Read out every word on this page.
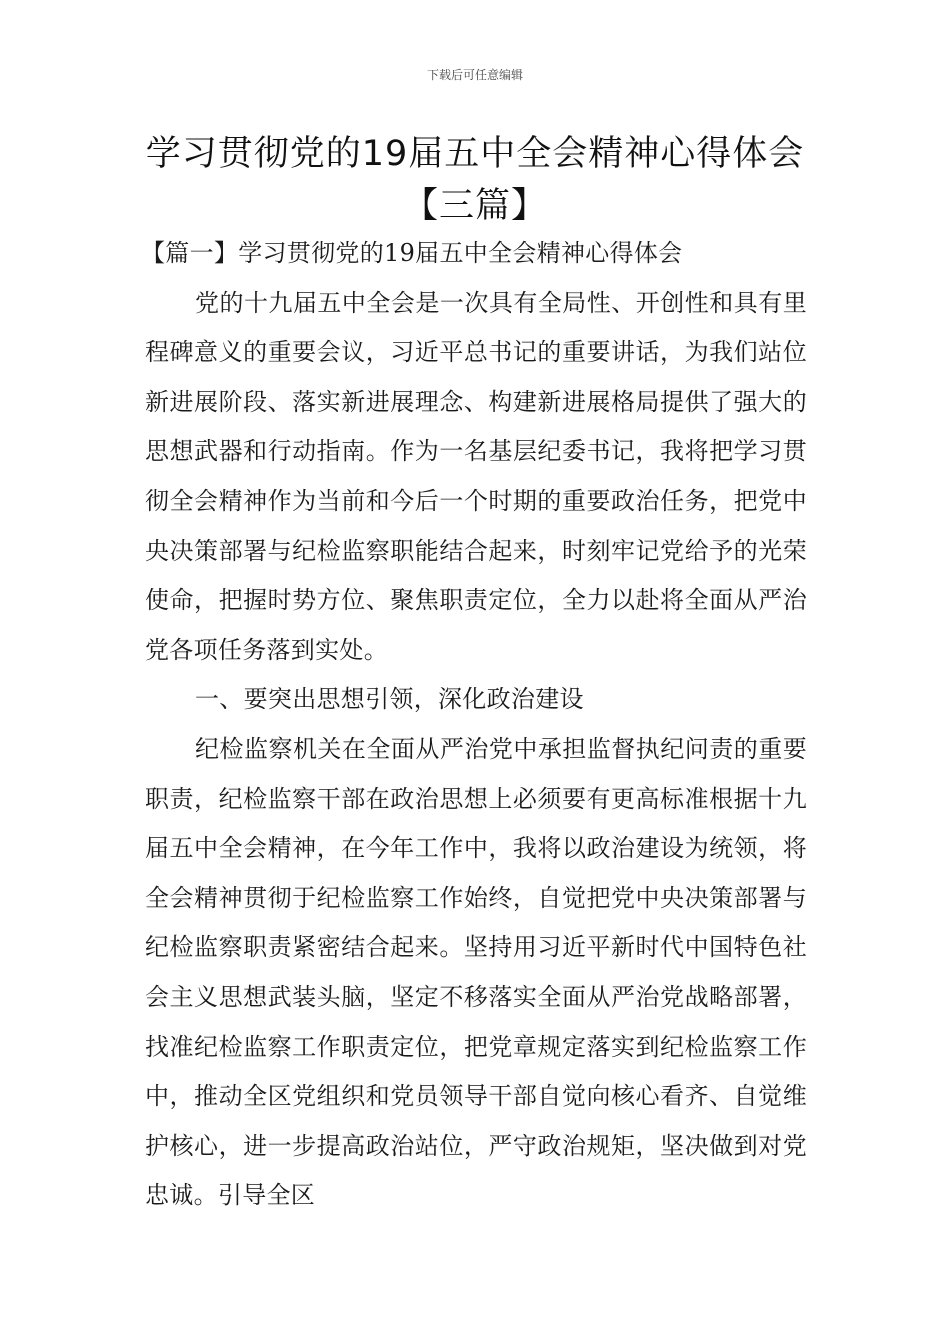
下载后可任意编辑
学习贯彻党的19届五中全会精神心得体会
【三篇】

【篇一】学习贯彻党的19届五中全会精神心得体会

党的十九届五中全会是一次具有全局性、开创性和具有里程碑意义的重要会议，习近平总书记的重要讲话，为我们站位新进展阶段、落实新进展理念、构建新进展格局提供了强大的思想武器和行动指南。作为一名基层纪委书记，我将把学习贯彻全会精神作为当前和今后一个时期的重要政治任务，把党中央决策部署与纪检监察职能结合起来，时刻牢记党给予的光荣使命，把握时势方位、聚焦职责定位，全力以赴将全面从严治党各项任务落到实处。

一、要突出思想引领，深化政治建设

纪检监察机关在全面从严治党中承担监督执纪问责的重要职责，纪检监察干部在政治思想上必须要有更高标准根据十九届五中全会精神，在今年工作中，我将以政治建设为统领，将全会精神贯彻于纪检监察工作始终，自觉把党中央决策部署与纪检监察职责紧密结合起来。坚持用习近平新时代中国特色社会主义思想武装头脑，坚定不移落实全面从严治党战略部署，找准纪检监察工作职责定位，把党章规定落实到纪检监察工作中，推动全区党组织和党员领导干部自觉向核心看齐、自觉维护核心，进一步提高政治站位，严守政治规矩，坚决做到对党忠诚。引导全区
